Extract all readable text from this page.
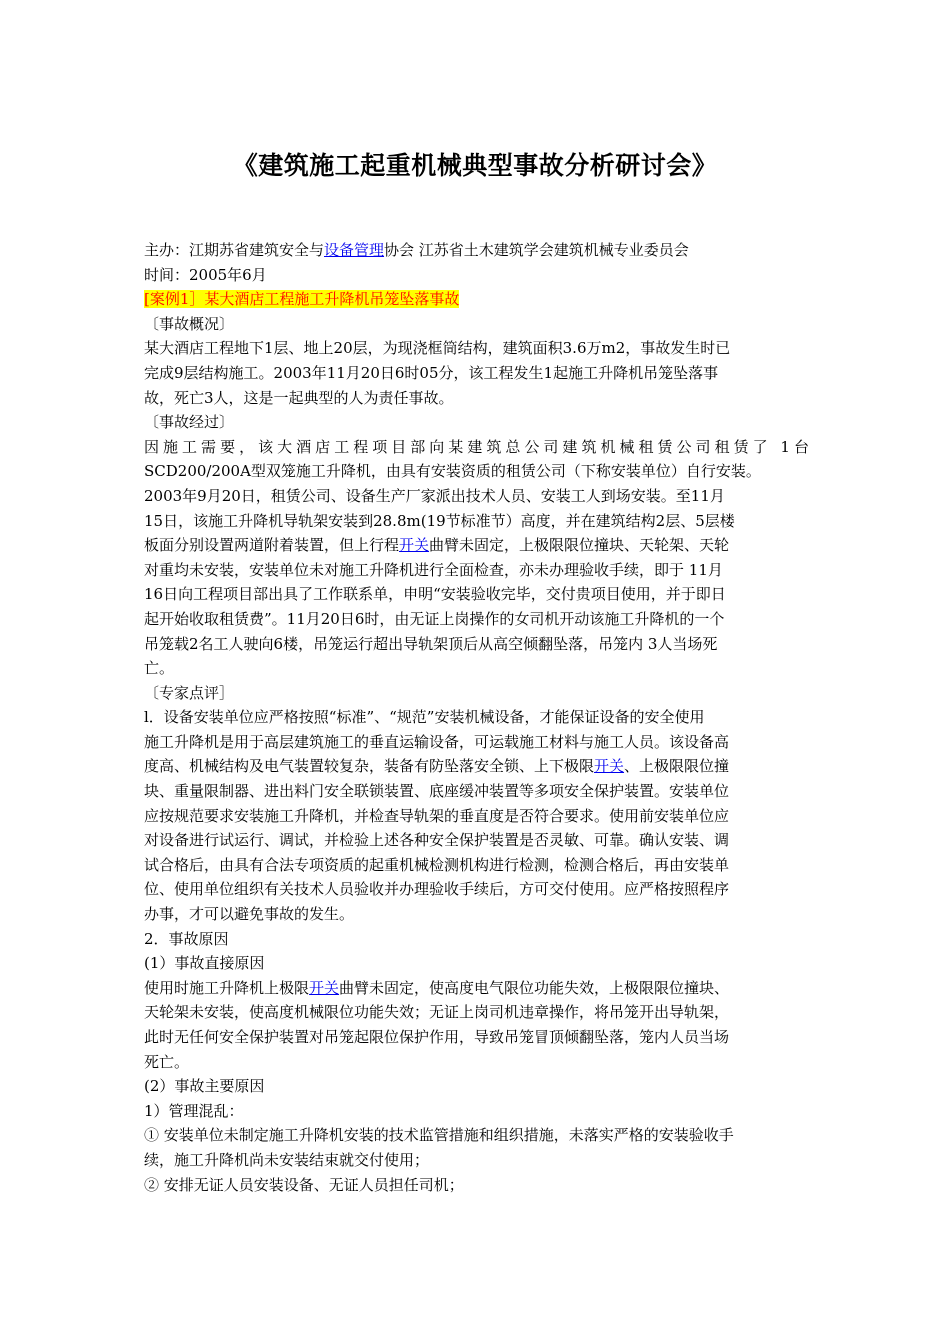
《建筑施工起重机械典型事故分析研讨会》
主办：江期苏省建筑安全与设备管理协会 江苏省土木建筑学会建筑机械专业委员会
时间：2005年6月
[案例1］某大酒店工程施工升降机吊笼坠落事故
〔事故概况〕
某大酒店工程地下1层、地上20层，为现浇框筒结构，建筑面积3.6万m2，事故发生时已
完成9层结构施工。2003年11月20日6时05分，该工程发生1起施工升降机吊笼坠落事
故，死亡3人，这是一起典型的人为责任事故。
〔事故经过〕
因施工需要，该大酒店工程项目部向某建筑总公司建筑机械租赁公司租赁了 1台
SCD200/200A型双笼施工升降机，由具有安装资质的租赁公司（下称安装单位）自行安装。
2003年9月20日，租赁公司、设备生产厂家派出技术人员、安装工人到场安装。至11月
15日，该施工升降机导轨架安装到28.8m(19节标准节）高度，并在建筑结构2层、5层楼
板面分别设置两道附着装置，但上行程开关曲臂未固定，上极限限位撞块、天轮架、天轮
对重均未安装，安装单位未对施工升降机进行全面检查，亦未办理验收手续，即于 11月
16日向工程项目部出具了工作联系单，申明“安装验收完毕，交付贵项目使用，并于即日
起开始收取租赁费”。11月20日6时，由无证上岗操作的女司机开动该施工升降机的一个
吊笼载2名工人驶向6楼，吊笼运行超出导轨架顶后从高空倾翻坠落，吊笼内 3人当场死
亡。
〔专家点评］
l．设备安装单位应严格按照“标准”、“规范”安装机械设备，才能保证设备的安全使用
施工升降机是用于高层建筑施工的垂直运输设备，可运载施工材料与施工人员。该设备高
度高、机械结构及电气装置较复杂，装备有防坠落安全锁、上下极限开关、上极限限位撞
块、重量限制器、进出料门安全联锁装置、底座缓冲装置等多项安全保护装置。安装单位
应按规范要求安装施工升降机，并检查导轨架的垂直度是否符合要求。使用前安装单位应
对设备进行试运行、调试，并检验上述各种安全保护装置是否灵敏、可靠。确认安装、调
试合格后，由具有合法专项资质的起重机械检测机构进行检测，检测合格后，再由安装单
位、使用单位组织有关技术人员验收并办理验收手续后，方可交付使用。应严格按照程序
办事，才可以避免事故的发生。
2．事故原因
(1）事故直接原因
使用时施工升降机上极限开关曲臂未固定，使高度电气限位功能失效，上极限限位撞块、
天轮架未安装，使高度机械限位功能失效；无证上岗司机违章操作，将吊笼开出导轨架，
此时无任何安全保护装置对吊笼起限位保护作用，导致吊笼冒顶倾翻坠落，笼内人员当场
死亡。
(2）事故主要原因
1）管理混乱：
① 安装单位未制定施工升降机安装的技术监管措施和组织措施，未落实严格的安装验收手
续，施工升降机尚未安装结束就交付使用；
② 安排无证人员安装设备、无证人员担任司机；
